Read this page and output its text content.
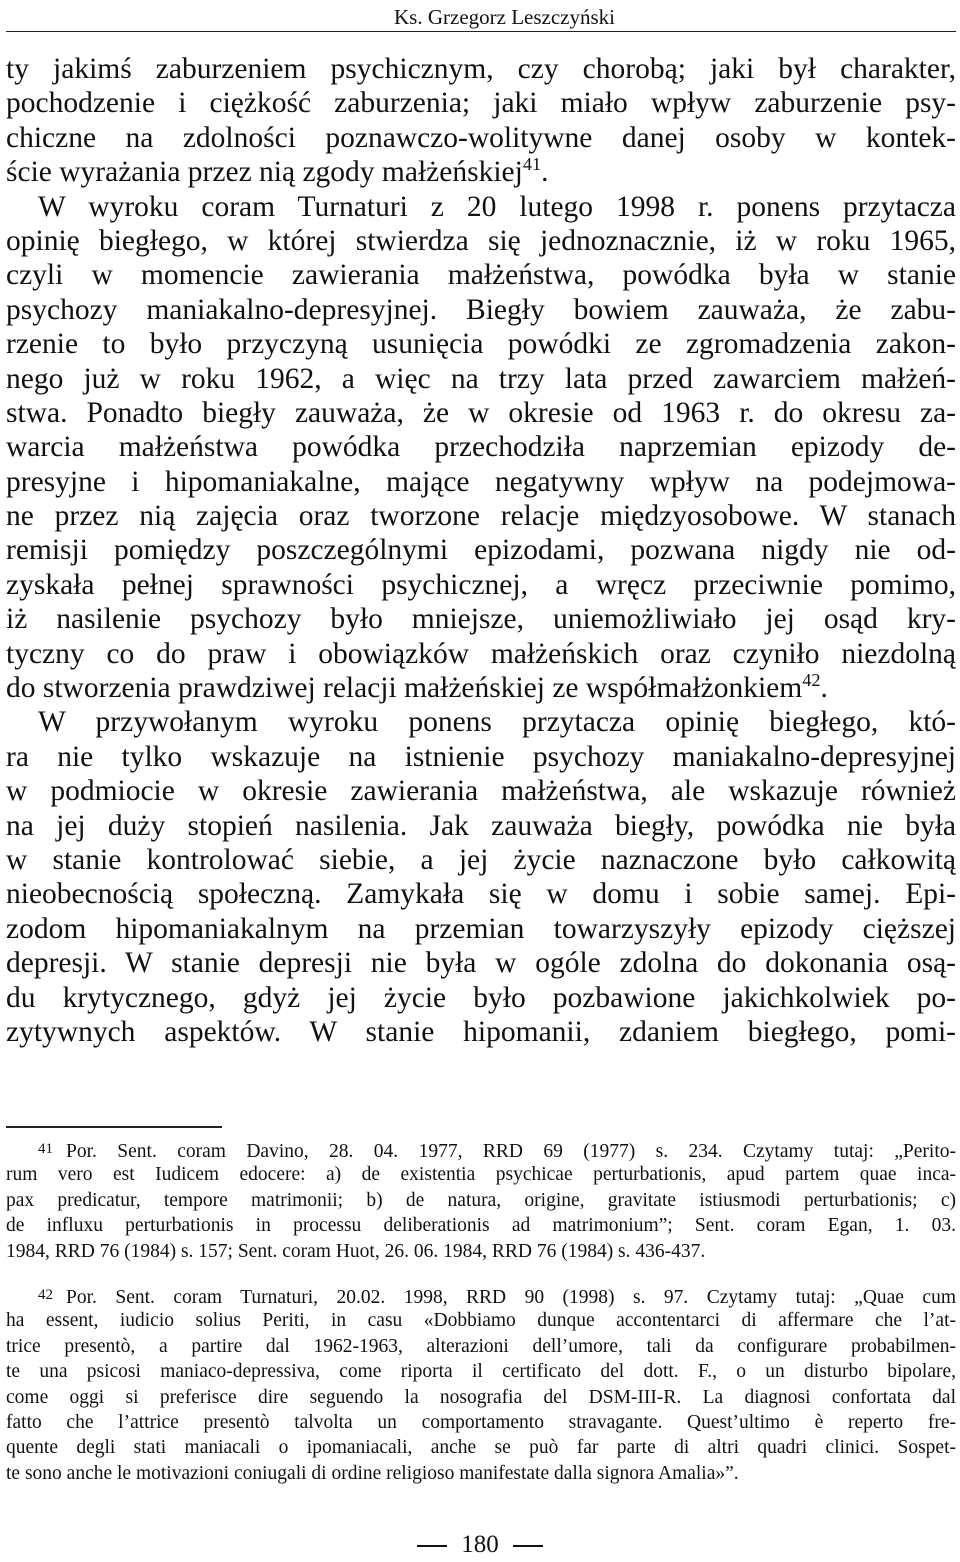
Ks. Grzegorz Leszczyński
ty jakimś zaburzeniem psychicznym, czy chorobą; jaki był charakter,
pochodzenie i ciężkość zaburzenia; jaki miało wpływ zaburzenie psy-
chiczne na zdolności poznawczo-wolitywne danej osoby w kontek-
ście wyrażania przez nią zgody małżeńskiej$^{41}$.
W wyroku coram Turnaturi z 20 lutego 1998 r. ponens przytacza
opinię biegłego, w której stwierdza się jednoznacznie, iż w roku 1965,
czyli w momencie zawierania małżeństwa, powódka była w stanie
psychozy maniakalno-depresyjnej. Biegły bowiem zauważa, że zabu-
rzenie to było przyczyną usunięcia powódki ze zgromadzenia zakon-
nego już w roku 1962, a więc na trzy lata przed zawarciem małżeń-
stwa. Ponadto biegły zauważa, że w okresie od 1963 r. do okresu za-
warcia małżeństwa powódka przechodziła naprzemian epizody de-
presyjne i hipomaniakalne, mające negatywny wpływ na podejmowa-
ne przez nią zajęcia oraz tworzone relacje międzyosobowe. W stanach
remisji pomiędzy poszczególnymi epizodami, pozwana nigdy nie od-
zyskała pełnej sprawności psychicznej, a wręcz przeciwnie pomimo,
iż nasilenie psychozy było mniejsze, uniemożliwiało jej osąd kry-
tyczny co do praw i obowiązków małżeńskich oraz czyniło niezdolną
do stworzenia prawdziwej relacji małżeńskiej ze współmałżonkiem$^{42}$.
W przywołanym wyroku ponens przytacza opinię biegłego, któ-
ra nie tylko wskazuje na istnienie psychozy maniakalno-depresyjnej
w podmiocie w okresie zawierania małżeństwa, ale wskazuje również
na jej duży stopień nasilenia. Jak zauważa biegły, powódka nie była
w stanie kontrolować siebie, a jej życie naznaczone było całkowitą
nieobecnością społeczną. Zamykała się w domu i sobie samej. Epi-
zodom hipomaniakalnym na przemian towarzyszyły epizody cięższej
depresji. W stanie depresji nie była w ogóle zdolna do dokonania osą-
du krytycznego, gdyż jej życie było pozbawione jakichkolwiek po-
zytywnych aspektów. W stanie hipomanii, zdaniem biegłego, pomi-
41 Por. Sent. coram Davino, 28. 04. 1977, RRD 69 (1977) s. 234. Czytamy tutaj: „Perito-
rum vero est Iudicem edocere: a) de existentia psychicae perturbationis, apud partem quae inca-
pax predicatur, tempore matrimonii; b) de natura, origine, gravitate istiusmodi perturbationis; c)
de influxu perturbationis in processu deliberationis ad matrimonium”; Sent. coram Egan, 1. 03.
1984, RRD 76 (1984) s. 157; Sent. coram Huot, 26. 06. 1984, RRD 76 (1984) s. 436-437.
42 Por. Sent. coram Turnaturi, 20.02. 1998, RRD 90 (1998) s. 97. Czytamy tutaj: „Quae cum
ha essent, iudicio solius Periti, in casu «Dobbiamo dunque accontentarci di affermare che l’at-
trice presentò, a partire dal 1962-1963, alterazioni dell’umore, tali da configurare probabilmen-
te una psicosi maniaco-depressiva, come riporta il certificato del dott. F., o un disturbo bipolare,
come oggi si preferisce dire seguendo la nosografia del DSM-III-R. La diagnosi confortata dal
fatto che l’attrice presentò talvolta un comportamento stravagante. Quest’ultimo è reperto fre-
quente degli stati maniacali o ipomaniacali, anche se può far parte di altri quadri clinici. Sospet-
te sono anche le motivazioni coniugali di ordine religioso manifestate dalla signora Amalia»”.
180
